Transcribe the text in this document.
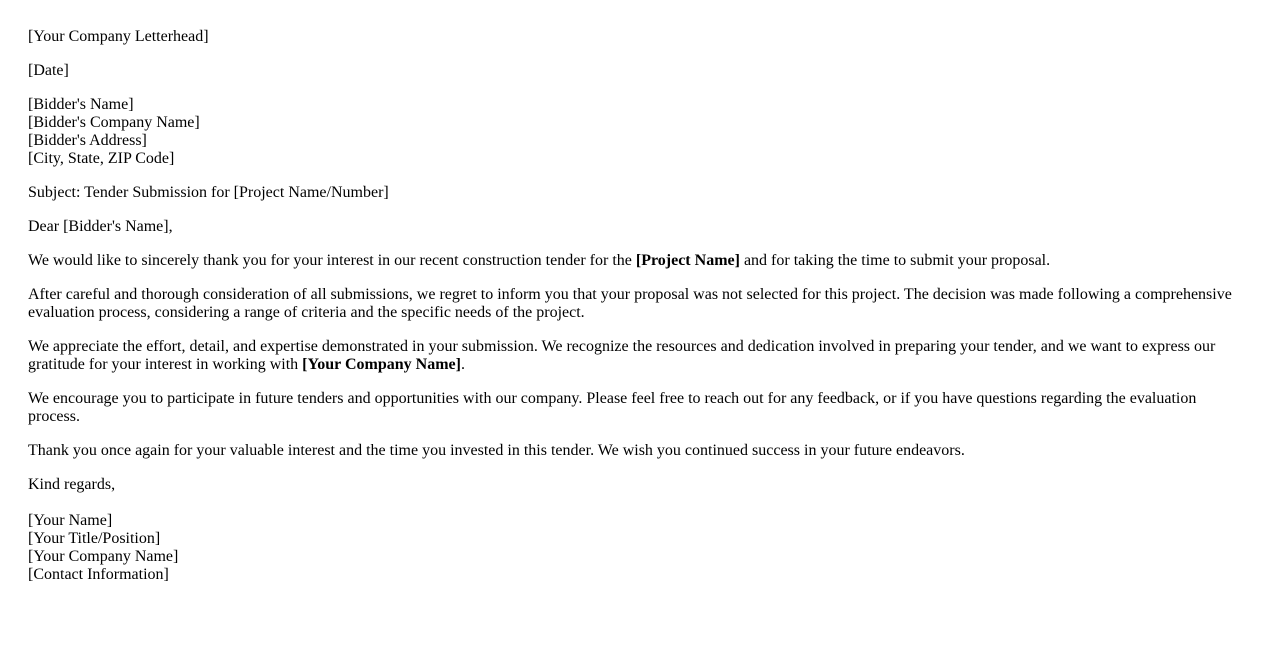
[Your Company Letterhead]

[Date]

[Bidder's Name]
[Bidder's Company Name]
[Bidder's Address]
[City, State, ZIP Code]

Subject: Tender Submission for [Project Name/Number]

Dear [Bidder's Name],

We would like to sincerely thank you for your interest in our recent construction tender for the [Project Name] and for taking the time to submit your proposal.

After careful and thorough consideration of all submissions, we regret to inform you that your proposal was not selected for this project. The decision was made following a comprehensive evaluation process, considering a range of criteria and the specific needs of the project.

We appreciate the effort, detail, and expertise demonstrated in your submission. We recognize the resources and dedication involved in preparing your tender, and we want to express our gratitude for your interest in working with [Your Company Name].

We encourage you to participate in future tenders and opportunities with our company. Please feel free to reach out for any feedback, or if you have questions regarding the evaluation process.

Thank you once again for your valuable interest and the time you invested in this tender. We wish you continued success in your future endeavors.

Kind regards,

[Your Name]
[Your Title/Position]
[Your Company Name]
[Contact Information]
